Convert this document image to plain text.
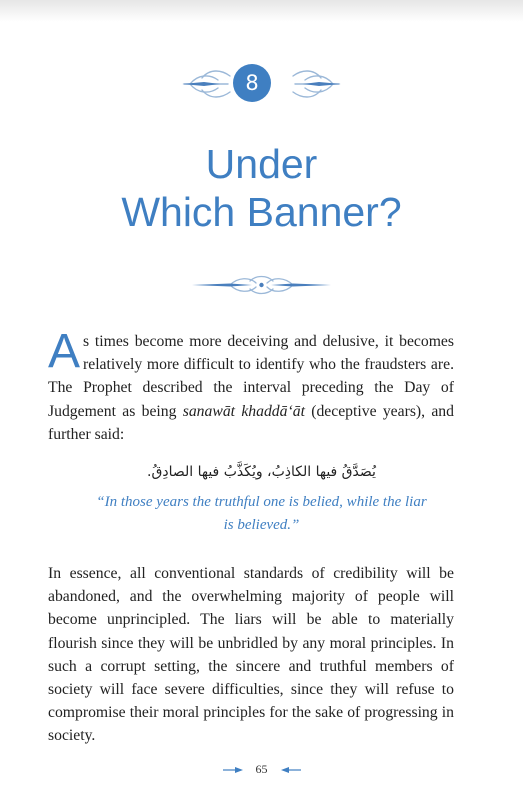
8
Under
Which Banner?

As times become more deceiving and delusive, it becomes relatively more difficult to identify who the fraudsters are. The Prophet described the interval preceding the Day of Judgement as being sanawāt khaddā‘āt (deceptive years), and further said:

يُصَدَّقُ فيها الكاذِبُ، ويُكَذَّبُ فيها الصادِقُ.

“In those years the truthful one is belied, while the liar is believed.”

In essence, all conventional standards of credibility will be abandoned, and the overwhelming majority of people will become unprincipled. The liars will be able to materially flourish since they will be unbridled by any moral principles. In such a corrupt setting, the sincere and truthful members of society will face severe difficulties, since they will refuse to compromise their moral principles for the sake of progressing in society.

65
